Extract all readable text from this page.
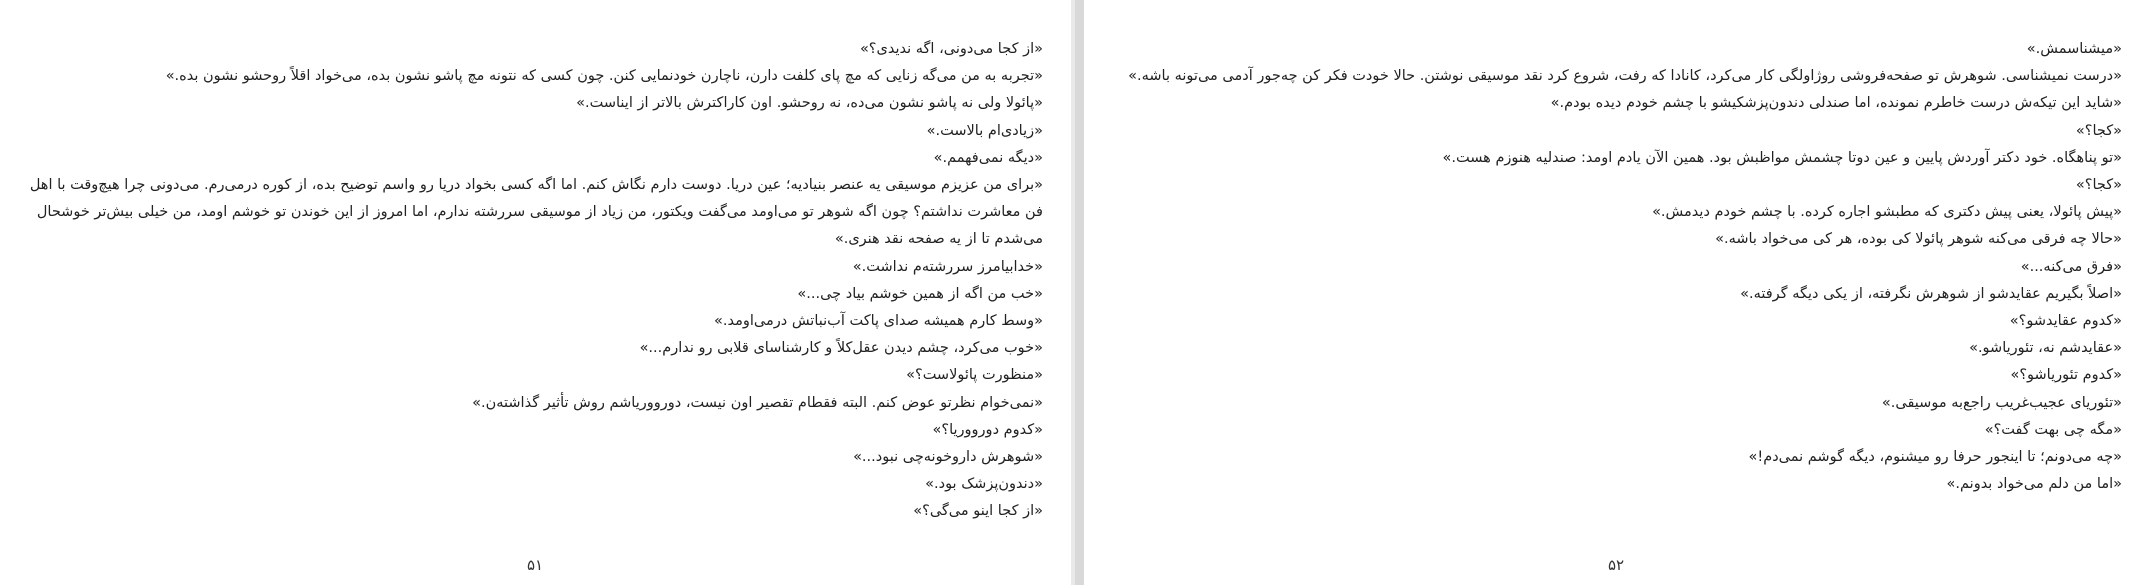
«از کجا می‌دونی، اگه ندیدی؟»

«تجربه به من می‌گه زنایی که مچ پای کلفت دارن، ناچارن خودنمایی کنن. چون کسی که نتونه مچ پاشو نشون بده، می‌خواد اقلاً روحشو نشون بده.»

«پائولا ولی نه پاشو نشون می‌ده، نه روحشو. اون کاراکترش بالاتر از ایناست.»

«زیادی‌ام بالاست.»

«دیگه نمی‌فهمم.»

«برای من عزیزم موسیقی یه عنصر بنیادیه؛ عین دریا. دوست دارم نگاش کنم. اما اگه کسی بخواد دریا رو واسم توضیح بده، از کوره درمی‌رم. می‌دونی چرا هیچ‌وقت با اهل فن معاشرت نداشتم؟ چون اگه شوهر تو می‌اومد می‌گفت ویکتور، من زیاد از موسیقی سررشته ندارم، اما امروز از این خوندن تو خوشم اومد، من خیلی بیش‌تر خوشحال می‌شدم تا از یه صفحه نقد هنری.»

«خدابیامرز سررشته‌م نداشت.»

«خب من اگه از همین خوشم بیاد چی...»

«وسط کارم همیشه صدای پاکت آب‌نباتش درمی‌اومد.»

«خوب می‌کرد، چشم دیدن عقل‌کلاً و کارشناسای قلابی رو ندارم...»

«منظورت پائولاست؟»

«نمی‌خوام نظرتو عوض کنم. البته فقطام تقصیر اون نیست، دورووریاشم روش تأثیر گذاشته‌ن.»

«کدوم دورووریا؟»

«شوهرش داروخونه‌چی نبود...»

«دندون‌پزشک بود.»

«از کجا اینو می‌گی؟»

۵۱

«میشناسمش.»

«درست نمیشناسی. شوهرش تو صفحه‌فروشی روژاولگی کار می‌کرد، کانادا که رفت، شروع کرد نقد موسیقی نوشتن. حالا خودت فکر کن چه‌جور آدمی می‌تونه باشه.»

«شاید این تیکه‌ش درست خاطرم نمونده، اما صندلی دندون‌پزشکیشو با چشم خودم دیده بودم.»

«کجا؟»

«تو پناهگاه. خود دکتر آوردش پایین و عین دوتا چشمش مواظبش بود. همین الآن یادم اومد: صندلیه هنوزم هست.»

«کجا؟»

«پیش پائولا، یعنی پیش دکتری که مطبشو اجاره کرده. با چشم خودم دیدمش.»

«حالا چه فرقی می‌کنه شوهر پائولا کی بوده، هر کی می‌خواد باشه.»

«فرق می‌کنه...»

«اصلاً بگیریم عقایدشو از شوهرش نگرفته، از یکی دیگه گرفته.»

«کدوم عقایدشو؟»

«عقایدشم نه، تئوریاشو.»

«کدوم تئوریاشو؟»

«تئوریای عجیب‌غریب راجع‌به موسیقی.»

«مگه چی بهت گفت؟»

«چه می‌دونم؛ تا اینجور حرفا رو میشنوم، دیگه گوشم نمی‌دم!»

«اما من دلم می‌خواد بدونم.»

۵۲
